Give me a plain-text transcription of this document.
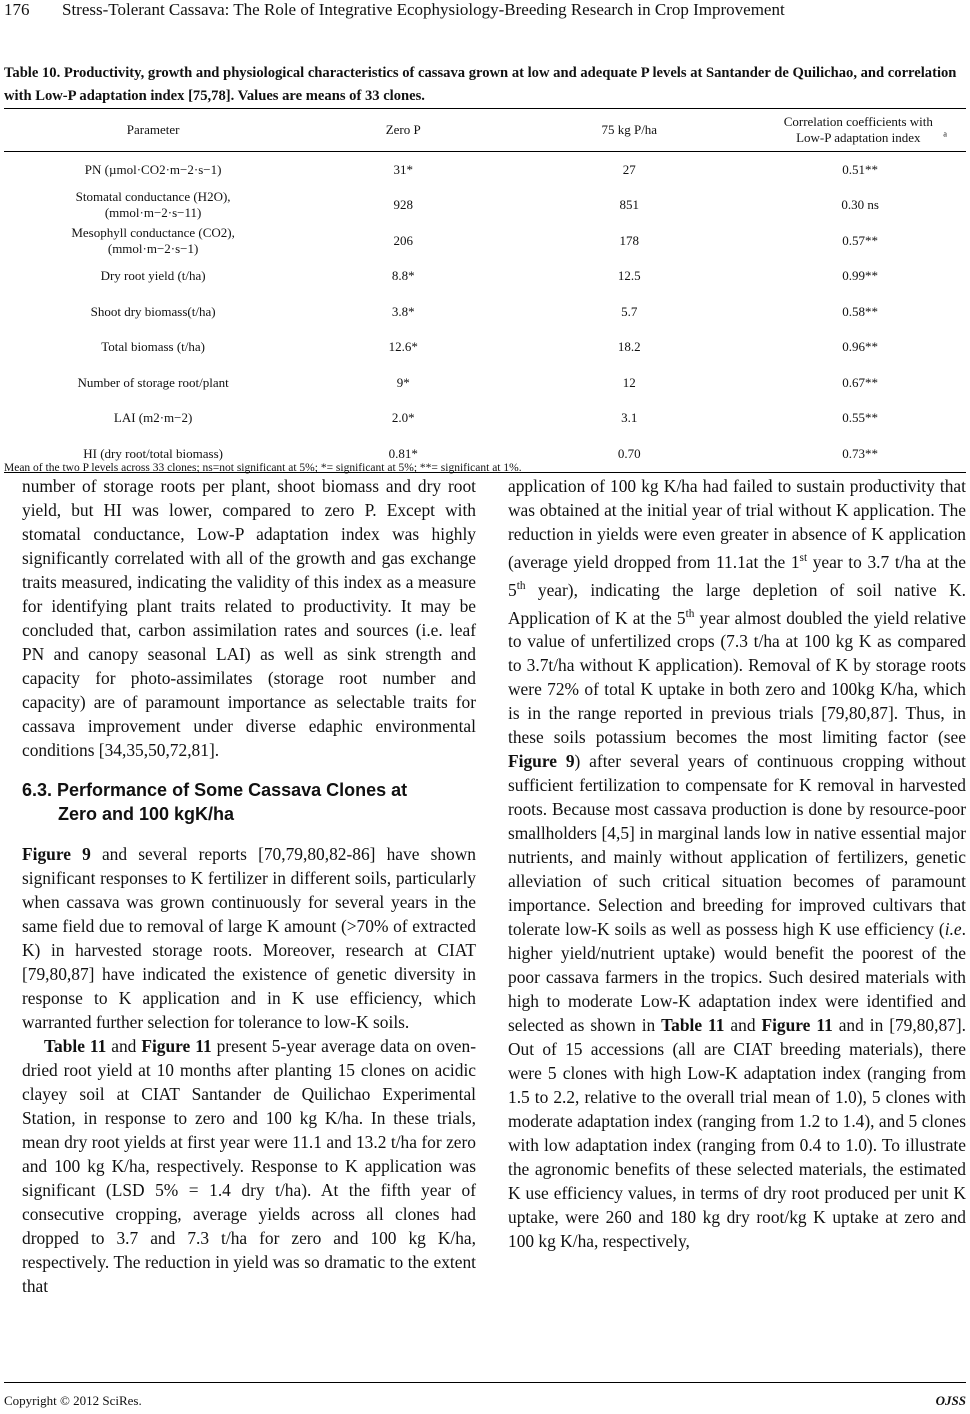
176 Stress-Tolerant Cassava: The Role of Integrative Ecophysiology-Breeding Research in Crop Improvement
Table 10. Productivity, growth and physiological characteristics of cassava grown at low and adequate P levels at Santander de Quilichao, and correlation with Low-P adaptation index [75,78]. Values are means of 33 clones.
Parameter	Zero P	75 kg P/ha	Correlation coefficients with Low-P adaptation index $^a$
PN (µmol·CO2·m−2·s−1)	31*	27	0.51**
Stomatal conductance (H2O), (mmol·m−2·s−11)	928	851	0.30 ns
Mesophyll conductance (CO2), (mmol·m−2·s−1)	206	178	0.57**
Dry root yield (t/ha)	8.8*	12.5	0.99**
Shoot dry biomass(t/ha)	3.8*	5.7	0.58**
Total biomass (t/ha)	12.6*	18.2	0.96**
Number of storage root/plant	9*	12	0.67**
LAI (m2·m−2)	2.0*	3.1	0.55**
HI (dry root/total biomass)	0.81*	0.70	0.73**
Mean of the two P levels across 33 clones; ns=not significant at 5%; *= significant at 5%; **= significant at 1%.

number of storage roots per plant, shoot biomass and dry root yield, but HI was lower, compared to zero P. Except with stomatal conductance, Low-P adaptation index was highly significantly correlated with all of the growth and gas exchange traits measured, indicating the validity of this index as a measure for identifying plant traits related to productivity. It may be concluded that, carbon assimilation rates and sources (i.e. leaf PN and canopy seasonal LAI) as well as sink strength and capacity for photo-assimilates (storage root number and capacity) are of paramount importance as selectable traits for cassava improvement under diverse edaphic environmental conditions [34,35,50,72,81].

6.3. Performance of Some Cassava Clones at
Zero and 100 kgK/ha

Figure 9 and several reports [70,79,80,82-86] have shown significant responses to K fertilizer in different soils, particularly when cassava was grown continuously for several years in the same field due to removal of large K amount (>70% of extracted K) in harvested storage roots. Moreover, research at CIAT [79,80,87] have indicated the existence of genetic diversity in response to K application and in K use efficiency, which warranted further selection for tolerance to low-K soils.

Table 11 and Figure 11 present 5-year average data on oven-dried root yield at 10 months after planting 15 clones on acidic clayey soil at CIAT Santander de Quilichao Experimental Station, in response to zero and 100 kg K/ha. In these trials, mean dry root yields at first year were 11.1 and 13.2 t/ha for zero and 100 kg K/ha, respectively. Response to K application was significant (LSD 5% = 1.4 dry t/ha). At the fifth year of consecutive cropping, average yields across all clones had dropped to 3.7 and 7.3 t/ha for zero and 100 kg K/ha, respectively. The reduction in yield was so dramatic to the extent that

application of 100 kg K/ha had failed to sustain productivity that was obtained at the initial year of trial without K application. The reduction in yields were even greater in absence of K application (average yield dropped from 11.1at the 1st year to 3.7 t/ha at the 5th year), indicating the large depletion of soil native K. Application of K at the 5th year almost doubled the yield relative to value of unfertilized crops (7.3 t/ha at 100 kg K as compared to 3.7t/ha without K application). Removal of K by storage roots were 72% of total K uptake in both zero and 100kg K/ha, which is in the range reported in previous trials [79,80,87]. Thus, in these soils potassium becomes the most limiting factor (see Figure 9) after several years of continuous cropping without sufficient fertilization to compensate for K removal in harvested roots. Because most cassava production is done by resource-poor smallholders [4,5] in marginal lands low in native essential major nutrients, and mainly without application of fertilizers, genetic alleviation of such critical situation becomes of paramount importance. Selection and breeding for improved cultivars that tolerate low-K soils as well as possess high K use efficiency (i.e. higher yield/nutrient uptake) would benefit the poorest of the poor cassava farmers in the tropics. Such desired materials with high to moderate Low-K adaptation index were identified and selected as shown in Table 11 and Figure 11 and in [79,80,87]. Out of 15 accessions (all are CIAT breeding materials), there were 5 clones with high Low-K adaptation index (ranging from 1.5 to 2.2, relative to the overall trial mean of 1.0), 5 clones with moderate adaptation index (ranging from 1.2 to 1.4), and 5 clones with low adaptation index (ranging from 0.4 to 1.0). To illustrate the agronomic benefits of these selected materials, the estimated K use efficiency values, in terms of dry root produced per unit K uptake, were 260 and 180 kg dry root/kg K uptake at zero and 100 kg K/ha, respectively,

Copyright © 2012 SciRes.	OJSS
